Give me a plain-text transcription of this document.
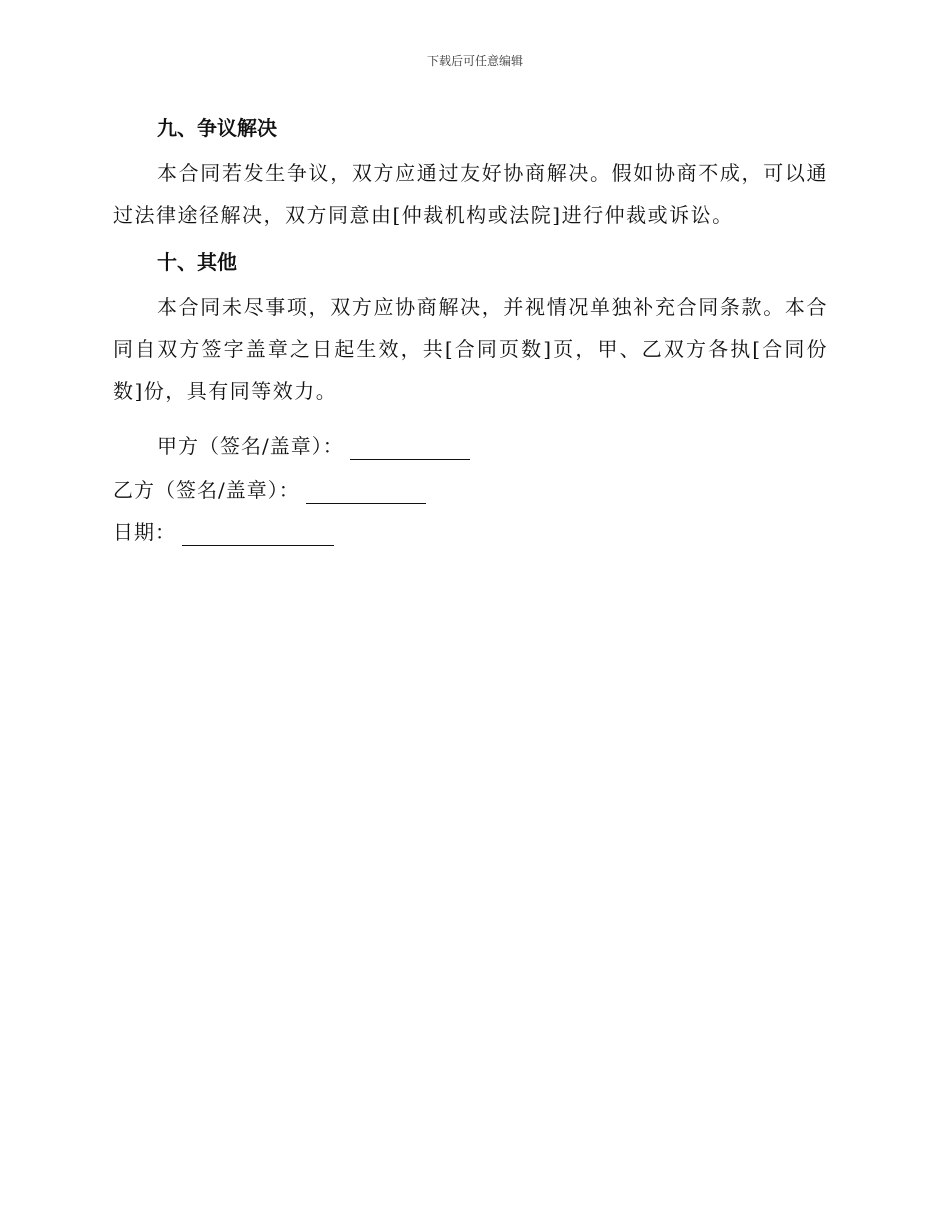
下载后可任意编辑
九、争议解决

本合同若发生争议，双方应通过友好协商解决。假如协商不成，可以通过法律途径解决，双方同意由[仲裁机构或法院]进行仲裁或诉讼。

十、其他

本合同未尽事项，双方应协商解决，并视情况单独补充合同条款。本合同自双方签字盖章之日起生效，共[合同页数]页，甲、乙双方各执[合同份数]份，具有同等效力。

甲方（签名/盖章）：
乙方（签名/盖章）：
日期：
